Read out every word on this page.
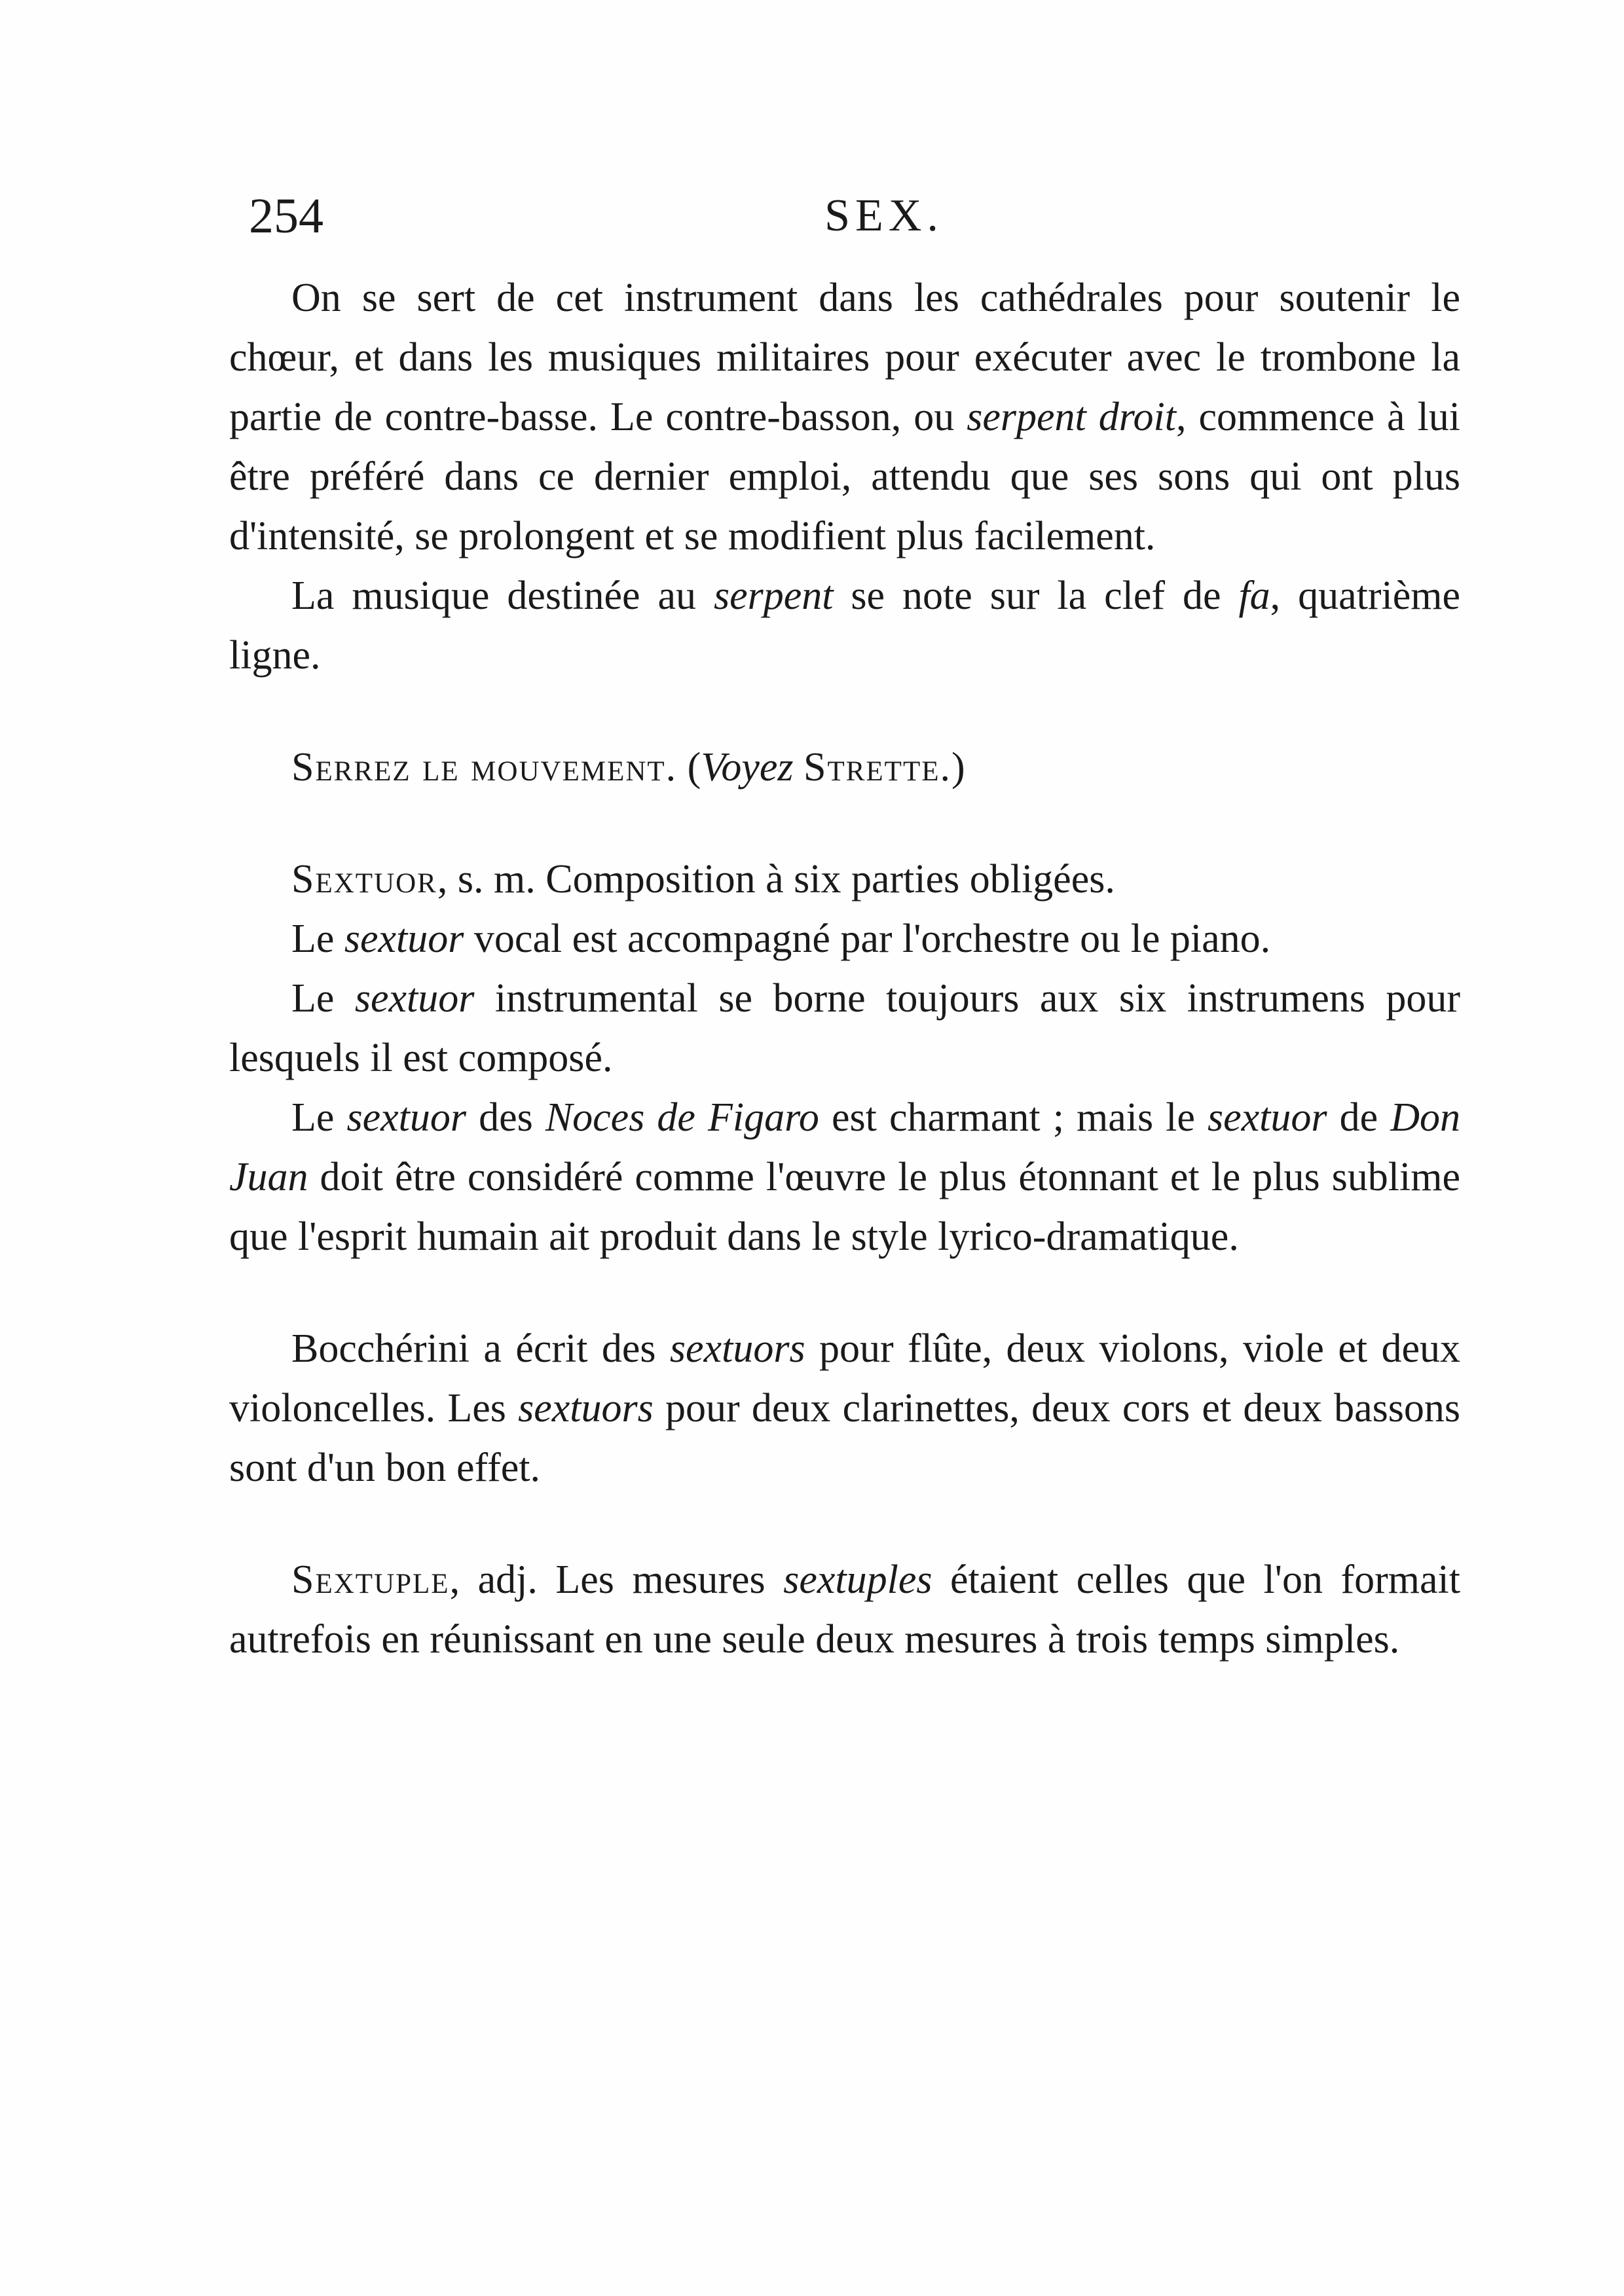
254	SEX.

On se sert de cet instrument dans les cathédrales pour soutenir le chœur, et dans les musiques militaires pour exécuter avec le trombone la partie de contre-basse. Le contre-basson, ou serpent droit, commence à lui être préféré dans ce dernier emploi, attendu que ses sons qui ont plus d'intensité, se prolongent et se modifient plus facilement.

La musique destinée au serpent se note sur la clef de fa, quatrième ligne.

Serrez le mouvement. (Voyez Strette.)

Sextuor, s. m. Composition à six parties obligées.

Le sextuor vocal est accompagné par l'orchestre ou le piano.

Le sextuor instrumental se borne toujours aux six instrumens pour lesquels il est composé.

Le sextuor des Noces de Figaro est charmant ; mais le sextuor de Don Juan doit être considéré comme l'œuvre le plus étonnant et le plus sublime que l'esprit humain ait produit dans le style lyrico-dramatique.

Bocchérini a écrit des sextuors pour flûte, deux violons, viole et deux violoncelles. Les sextuors pour deux clarinettes, deux cors et deux bassons sont d'un bon effet.

Sextuple, adj. Les mesures sextuples étaient celles que l'on formait autrefois en réunissant en une seule deux mesures à trois temps simples.
